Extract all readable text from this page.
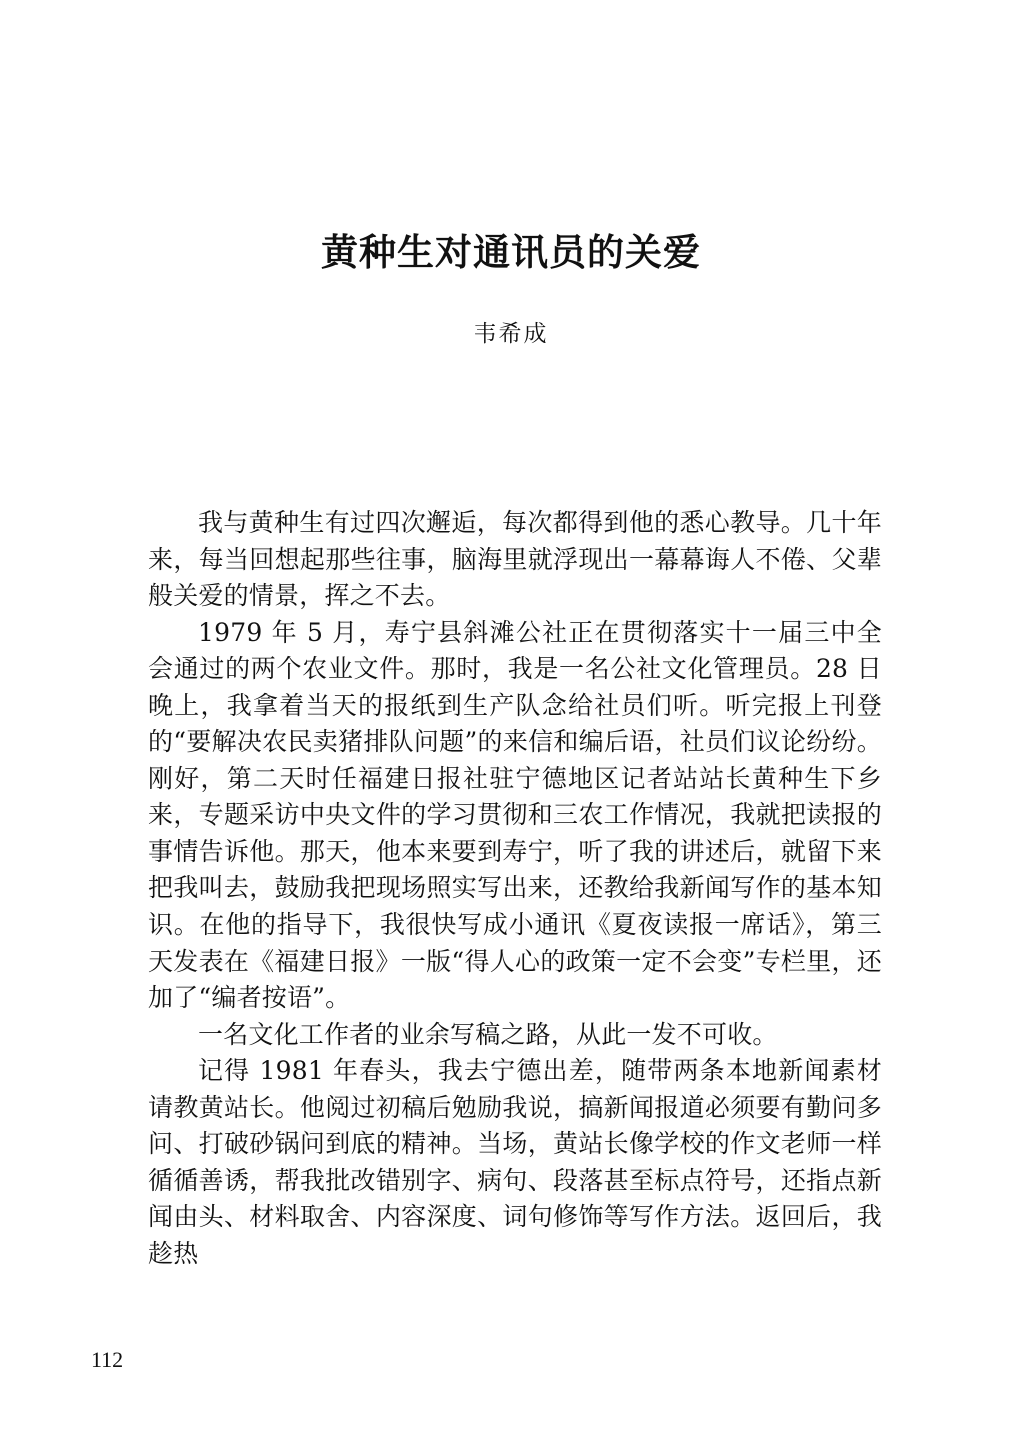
黄种生对通讯员的关爱

韦希成

我与黄种生有过四次邂逅，每次都得到他的悉心教导。几十年来，每当回想起那些往事，脑海里就浮现出一幕幕诲人不倦、父辈般关爱的情景，挥之不去。

1979 年 5 月，寿宁县斜滩公社正在贯彻落实十一届三中全会通过的两个农业文件。那时，我是一名公社文化管理员。28 日晚上，我拿着当天的报纸到生产队念给社员们听。听完报上刊登的“要解决农民卖猪排队问题”的来信和编后语，社员们议论纷纷。刚好，第二天时任福建日报社驻宁德地区记者站站长黄种生下乡来，专题采访中央文件的学习贯彻和三农工作情况，我就把读报的事情告诉他。那天，他本来要到寿宁，听了我的讲述后，就留下来把我叫去，鼓励我把现场照实写出来，还教给我新闻写作的基本知识。在他的指导下，我很快写成小通讯《夏夜读报一席话》，第三天发表在《福建日报》一版“得人心的政策一定不会变”专栏里，还加了“编者按语”。

一名文化工作者的业余写稿之路，从此一发不可收。

记得 1981 年春头，我去宁德出差，随带两条本地新闻素材请教黄站长。他阅过初稿后勉励我说，搞新闻报道必须要有勤问多问、打破砂锅问到底的精神。当场，黄站长像学校的作文老师一样循循善诱，帮我批改错别字、病句、段落甚至标点符号，还指点新闻由头、材料取舍、内容深度、词句修饰等写作方法。返回后，我趁热

112
